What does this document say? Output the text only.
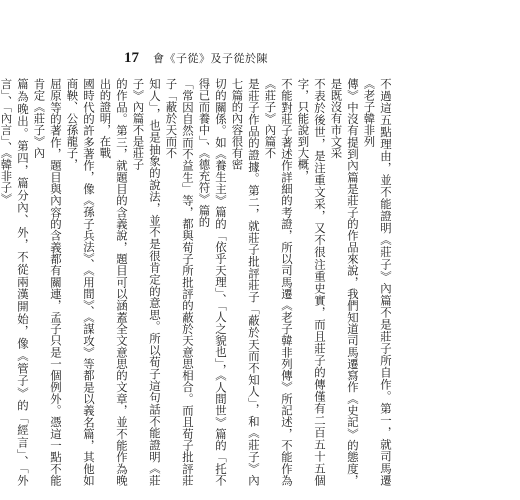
17 會《子從》及子從於陳
不過這五點理由，並不能證明《莊子》內篇不是莊子所自作。第一，就司馬遷《老子韓非列
傳》中沒有提到內篇是莊子的作品來說，我們知道司馬遷寫作《史記》的態度，是既沒有市文采
不表於後世，是注重文采，又不很注重史實，而且莊子的傳僅有二百五十五個字，只能說到大概，
不能對莊子著述作詳細的考證，所以司馬遷《老子韓非列傳》所記述，不能作為《莊子》內篇不
是莊子作品的證據。第二，就莊子批評莊子「蔽於天而不知人」，和《莊子》內七篇的內容很有密
切的關係。如《養生主》篇的「依乎天理」、「人之貌也」，《人間世》篇的「托不得已而養中」、《德充符》篇的
「常因自然而不益生」等，都與荀子所批評的蔽於天意思相合。而且荀子批評莊子「蔽於天而不
知人」，也是抽象的說法，並不是很肯定的意思。所以荀子這句話不能證明《莊子》內篇不是莊子
的作品。第三，就題目的含義說，題目可以涵蓋全文意思的文章，並不能作為晚出的證明，在戰
國時代的許多著作，像《孫子兵法》、《用間》、《謀攻》等都是以義名篇，其他如商鞅、公孫龍子，
屈原等的著作，題目與內容的含義都有關連，孟子只是一個例外。憑這一點不能肯定《莊子》內
篇為晚出。第四，篇分內、外，不從兩漢開始，像《管子》的「經言」、「外言」、「內言」、《韓非子》
